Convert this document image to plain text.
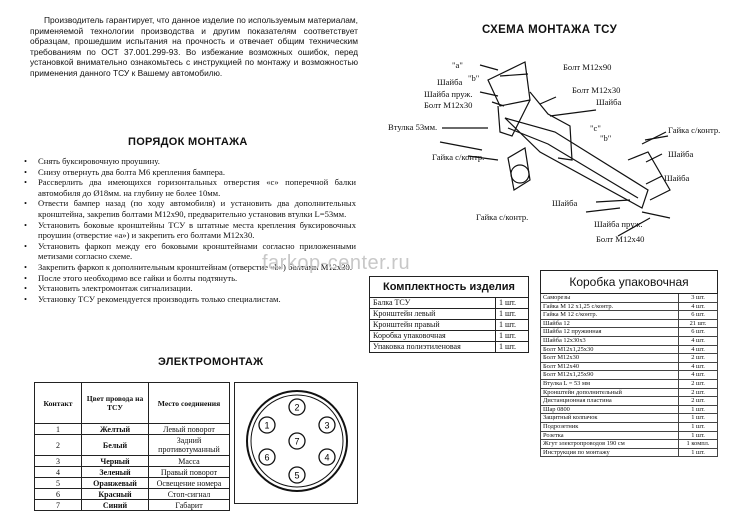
Производитель гарантирует, что данное изделие по используемым материалам, применяемой технологии производства и другим показателям соответствует образцам, прошедшим испытания на прочность и отвечает общим техническим требованиям по ОСТ 37.001.299-93. Во избежание возможных ошибок, перед установкой внимательно ознакомьтесь с инструкцией по монтажу и возможностью применения данного ТСУ к Вашему автомобилю.
ПОРЯДОК МОНТАЖА
• Снять буксировочную проушину.
• Снизу отвернуть два болта М6 крепления бампера.
• Рассверлить два имеющихся горизонтальных отверстия «с» поперечной балки автомобиля до Ø18мм. на глубину не более 10мм.
• Отвести бампер назад (по ходу автомобиля) и установить два дополнительных кронштейна, закрепив болтами М12х90, предварительно установив втулки L=53мм.
• Установить боковые кронштейны ТСУ в штатные места крепления буксировочных проушин (отверстие «а») и закрепить его болтами М12х30.
• Установить фаркоп между его боковыми кронштейнами согласно приложенными метизами согласно схеме.
• Закрепить фаркоп к дополнительным кронштейнам (отверстие «b») болтами М12х30.
• После этого необходимо все гайки и болты подтянуть.
• Установить электромонтаж сигнализации.
• Установку ТСУ рекомендуется производить только специалистам.
ЭЛЕКТРОМОНТАЖ
Контакт	Цвет провода на ТСУ	Место соединения
1	Желтый	Левый поворот
2	Белый	Задний противотуманный
3	Черный	Масса
4	Зеленый	Правый поворот
5	Оранжевый	Освещение номера
6	Красный	Стоп-сигнал
7	Синий	Габарит
2
3
4
5
6
1
7
СХЕМА МОНТАЖА ТСУ
"а"
"b"
"с"
"b"
Болт М12х90
Шайба
Шайба пруж.
Болт М12х30
Болт М12х30
Шайба
Втулка 53мм.
Гайка с/контр.
Гайка с/контр.
Шайба
Шайба
Гайка с/контр.
Шайба
Шайба пруж.
Болт М12х40
farkop-center.ru
Комплектность изделия	
Балка ТСУ	1 шт.
Кронштейн левый	1 шт.
Кронштейн правый	1 шт.
Коробка упаковочная	1 шт.
Упаковка полиэтиленовая	1 шт.
Коробка упаковочная	
Саморезы	3 шт.
Гайка М 12 х1,25 с/контр.	4 шт.
Гайка М 12 с/контр.	6 шт.
Шайба 12	21 шт.
Шайба 12 пружинная	6 шт.
Шайба 12х30х3	4 шт.
Болт М12х1,25х30	4 шт.
Болт М12х30	2 шт.
Болт М12х40	4 шт.
Болт М12х1,25х90	4 шт.
Втулка L = 53 мм	2 шт.
Кронштейн дополнительный	2 шт.
Дистанционная пластина	2 шт.
Шар 0800	1 шт.
Защитный колпачок	1 шт.
Подрозетник	1 шт.
Розетка	1 шт.
Жгут электропроводов 190 см	1 компл.
Инструкция по монтажу	1 шт.
